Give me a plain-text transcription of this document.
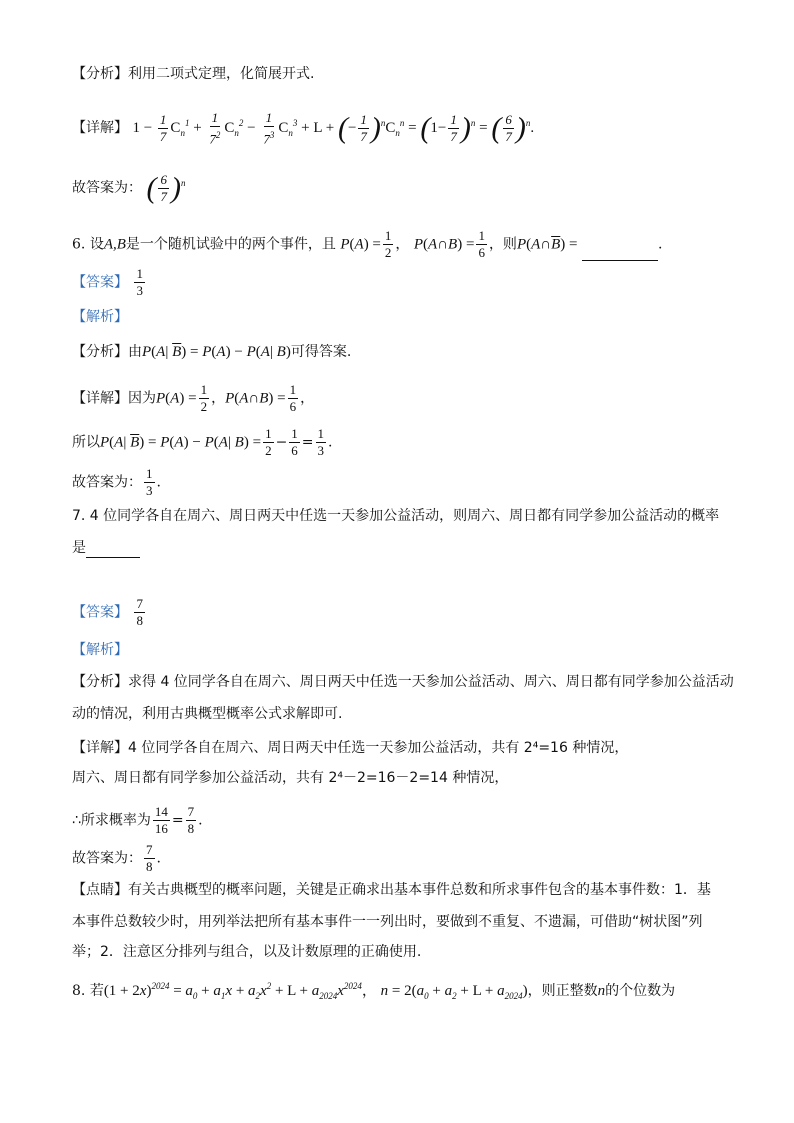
【分析】利用二项式定理，化简展开式.
【详解】 $1 - \frac{1}{7} C_n^1 + \frac{1}{7^2} C_n^2 - \frac{1}{7^3} C_n^3 + L$ + (− $\frac{1}{7} )^nC_n^n = (1- \frac{1}{7} )^n$ = ( $\frac{6}{7} )^n$.
故答案为： ( $\frac{6}{7} )^n$
6. 设A,B是一个随机试验中的两个事件，且 $P(A) = \frac{1}{2}$ ， P(A∩B) = $\frac{1}{6}$ ，则$P(A\cap\overline{B})$ =	.
【答案】 $\frac{1}{3}$
【解析】
【分析】由P(A| $\overline{B}) = P(A) - P(A|$ B)可得答案.
【详解】因为$P(A) = \frac{1}{2}$ ，P(A∩B) = $\frac{1}{6}$ ，
所以P(A| $\overline{B}) = P(A) - P(A|$ $B) = \frac{1}{2} - \frac{1}{6} = \frac{1}{3}$ .
故答案为： $\frac{1}{3}$ .
7. 4 位同学各自在周六、周日两天中任选一天参加公益活动，则周六、周日都有同学参加公益活动的概率
是
【答案】 $\frac{7}{8}$
【解析】
【分析】求得 4 位同学各自在周六、周日两天中任选一天参加公益活动、周六、周日都有同学参加公益活动
动的情况，利用古典概型概率公式求解即可.
【详解】4 位同学各自在周六、周日两天中任选一天参加公益活动，共有 2⁴=16 种情况，
周六、周日都有同学参加公益活动，共有 2⁴－2=16－2=14 种情况，
∴所求概率为 $\frac{14}{16} = \frac{7}{8}$ .
故答案为： $\frac{7}{8}$ .
【点睛】有关古典概型的概率问题，关键是正确求出基本事件总数和所求事件包含的基本事件数：1．基
本事件总数较少时，用列举法把所有基本事件一一列出时，要做到不重复、不遗漏，可借助“树状图”列
举；2．注意区分排列与组合，以及计数原理的正确使用.
8. 若$(1 + 2x)^{2024} = a_0 + a_1x + a_2x^2 + L + a_{2024}x^{2024}$， $n = 2(a_0 + a_2 + L + a_{2024})$，则正整数n的个位数为
